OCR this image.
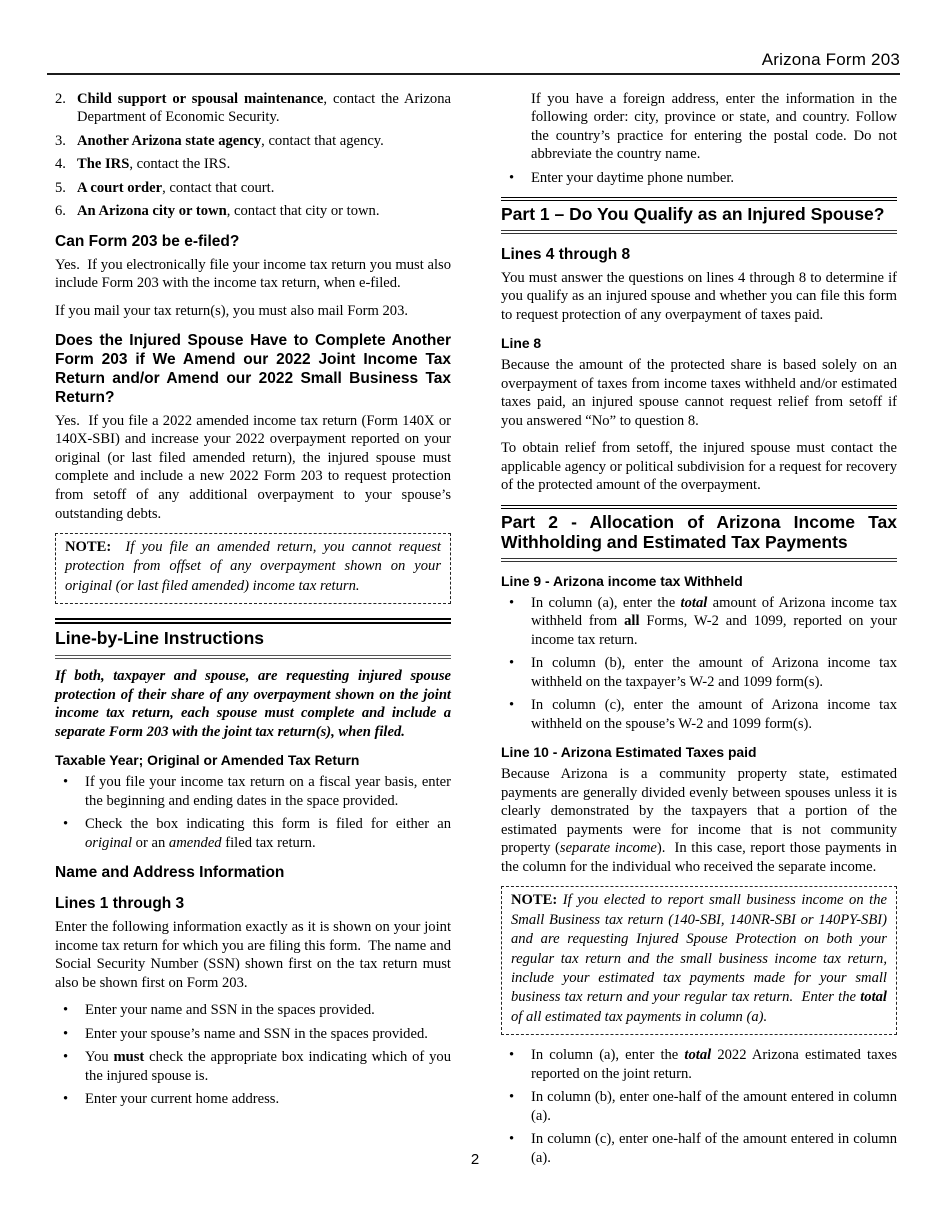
Arizona Form 203
2. Child support or spousal maintenance, contact the Arizona Department of Economic Security.
3. Another Arizona state agency, contact that agency.
4. The IRS, contact the IRS.
5. A court order, contact that court.
6. An Arizona city or town, contact that city or town.
Can Form 203 be e-filed?
Yes.  If you electronically file your income tax return you must also include Form 203 with the income tax return, when e-filed.
If you mail your tax return(s), you must also mail Form 203.
Does the Injured Spouse Have to Complete Another Form 203 if We Amend our 2022 Joint Income Tax Return and/or Amend our 2022 Small Business Tax Return?
Yes.  If you file a 2022 amended income tax return (Form 140X or 140X-SBI) and increase your 2022 overpayment reported on your original (or last filed amended return), the injured spouse must complete and include a new 2022 Form 203 to request protection from setoff of any additional overpayment to your spouse’s outstanding debts.
NOTE:  If you file an amended return, you cannot request protection from offset of any overpayment shown on your original (or last filed amended) income tax return.
Line-by-Line Instructions
If both, taxpayer and spouse, are requesting injured spouse protection of their share of any overpayment shown on the joint income tax return, each spouse must complete and include a separate Form 203 with the joint tax return(s), when filed.
Taxable Year; Original or Amended Tax Return
• If you file your income tax return on a fiscal year basis, enter the beginning and ending dates in the space provided.
• Check the box indicating this form is filed for either an original or an amended filed tax return.
Name and Address Information
Lines 1 through 3
Enter the following information exactly as it is shown on your joint income tax return for which you are filing this form.  The name and Social Security Number (SSN) shown first on the tax return must also be shown first on Form 203.
• Enter your name and SSN in the spaces provided.
• Enter your spouse’s name and SSN in the spaces provided.
• You must check the appropriate box indicating which of you the injured spouse is.
• Enter your current home address.
If you have a foreign address, enter the information in the following order: city, province or state, and country. Follow the country’s practice for entering the postal code. Do not abbreviate the country name.
• Enter your daytime phone number.
Part 1 – Do You Qualify as an Injured Spouse?
Lines 4 through 8
You must answer the questions on lines 4 through 8 to determine if you qualify as an injured spouse and whether you can file this form to request protection of any overpayment of taxes paid.
Line 8
Because the amount of the protected share is based solely on an overpayment of taxes from income taxes withheld and/or estimated taxes paid, an injured spouse cannot request relief from setoff if you answered “No” to question 8.
To obtain relief from setoff, the injured spouse must contact the applicable agency or political subdivision for a request for recovery of the protected amount of the overpayment.
Part 2 - Allocation of Arizona Income Tax Withholding and Estimated Tax Payments
Line 9 - Arizona income tax Withheld
• In column (a), enter the total amount of Arizona income tax withheld from all Forms, W-2 and 1099, reported on your income tax return.
• In column (b), enter the amount of Arizona income tax withheld on the taxpayer’s W-2 and 1099 form(s).
• In column (c), enter the amount of Arizona income tax withheld on the spouse’s W-2 and 1099 form(s).
Line 10 - Arizona Estimated Taxes paid
Because Arizona is a community property state, estimated payments are generally divided evenly between spouses unless it is clearly demonstrated by the taxpayers that a portion of the estimated payments were for income that is not community property (separate income).  In this case, report those payments in the column for the individual who received the separate income.
NOTE: If you elected to report small business income on the Small Business tax return (140-SBI, 140NR-SBI or 140PY-SBI) and are requesting Injured Spouse Protection on both your regular tax return and the small business income tax return, include your estimated tax payments made for your small business tax return and your regular tax return.  Enter the total of all estimated tax payments in column (a).
• In column (a), enter the total 2022 Arizona estimated taxes reported on the joint return.
• In column (b), enter one-half of the amount entered in column (a).
• In column (c), enter one-half of the amount entered in column (a).
2
